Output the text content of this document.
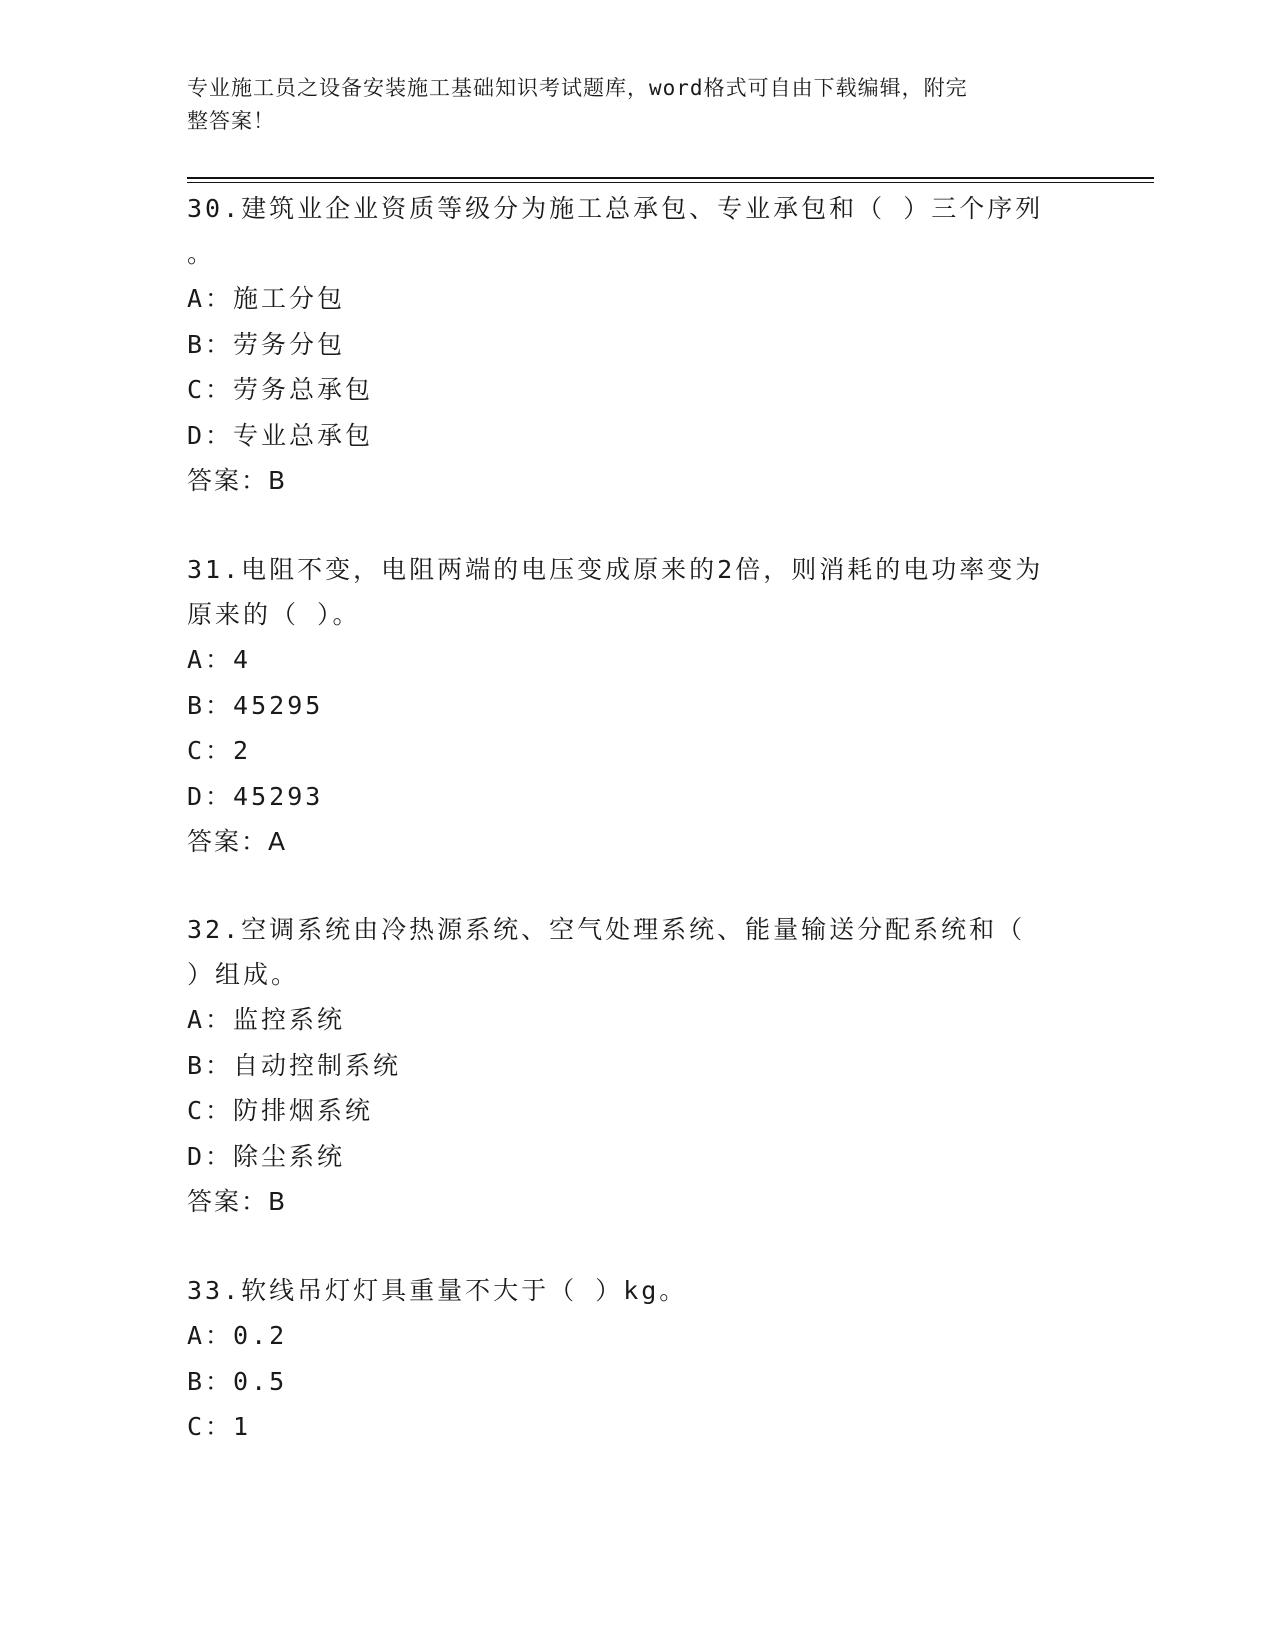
专业施工员之设备安装施工基础知识考试题库，word格式可自由下载编辑，附完
整答案！
30.建筑业企业资质等级分为施工总承包、专业承包和（ ）三个序列
。
A：施工分包
B：劳务分包
C：劳务总承包
D：专业总承包
答案：B
31.电阻不变，电阻两端的电压变成原来的2倍，则消耗的电功率变为
原来的（ ）。
A：4
B：45295
C：2
D：45293
答案：A
32.空调系统由冷热源系统、空气处理系统、能量输送分配系统和（
）组成。
A：监控系统
B：自动控制系统
C：防排烟系统
D：除尘系统
答案：B
33.软线吊灯灯具重量不大于（ ）kg。
A：0.2
B：0.5
C：1
